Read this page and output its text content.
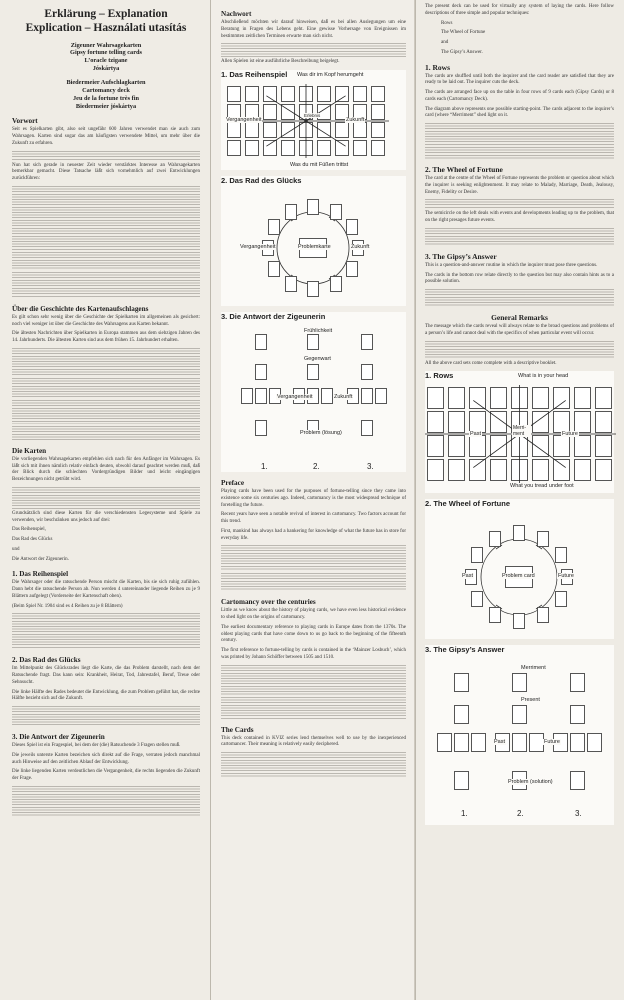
Erklärung – Explanation
Explication – Használati utasítás
Zigeuner Wahrsagekarten
Gipsy fortune telling cards
L’oracle tzigane
Jóskártya
Biedermeier Aufschlagkarten
Cartomancy deck
Jeu de la fortune très fin
Biedermeier jóskártya
Vorwort

Seit es Spielkarten gibt, also seit ungefähr 600 Jahren verwendet man sie auch zum Wahrsagen. Karten sind sogar das am häufigsten verwendete Mittel, um mehr über die Zukunft zu erfahren.

Nun hat sich gerade in neuester Zeit wieder verstärktes Interesse an Wahrsagekarten bemerkbar gemacht. Diese Tatsache läßt sich vornehmlich auf zwei Entwicklungen zurückführen:

Über die Geschichte des Kartenaufschlagens

Es gilt schon sehr wenig über die Geschichte der Spielkarten im allgemeinen als gesichert: noch viel weniger ist über die Geschichte des Wahrsagens aus Karten bekannt.

Die ältesten Nachrichten über Spielkarten in Europa stammen aus dem siebzigen Jahren des 14. Jahrhunderts. Die ältesten Karten sind aus dem frühen 15. Jahrhundert erhalten.

Die Karten

Die vorliegenden Wahrsagekarten empfehlen sich nach für den Anfänger im Wahrsagen. Es läßt sich mit ihnen nämlich relativ einfach deuten, obwohl darauf geachtet werden muß, daß der Blick durch die schlechten Vordergründigen Bilder und leicht eingängigen Bezeichnungen nicht getrübt wird.

Grundsätzlich sind diese Karten für die verschiedensten Legesysteme und Spiele zu verwenden, wir beschränken uns jedoch auf drei:

Das Reihenspiel,

Das Rad des Glücks

und

Die Antwort der Zigeunerin.

1. Das Reihenspiel

Die Wahrsager oder die ratsuchende Person mischt die Karten, bis sie sich ruhig zufühlen. Dann hebt die ratsuchende Person ab. Nun werden 4 untereinander liegende Reihen zu je 9 Blättern aufgelegt (Vorderseite der Kartenschaft oben).

(Beim Spiel Nr. 1904 sind es 4 Reihen zu je 8 Blättern)

2. Das Rad des Glücks

Im Mittelpunkt des Glücksrades liegt die Karte, die das Problem darstellt, nach dem der Ratsuchende fragt. Das kann sein: Krankheit, Heirat, Tod, Jahrestafel, Beruf, Treue oder Sehnsucht.

Die linke Hälfte des Rades bedeutet die Entwicklung, die zum Problem geführt hat, die rechte Hälfte bezieht sich auf die Zukunft.

3. Die Antwort der Zigeunerin

Dieses Spiel ist ein Fragespiel, bei dem der (die) Ratsuchende 3 Fragen stellen muß.

Die jeweils unterste Karten bezeichen sich direkt auf die Frage, verraten jedoch manchmal auch Hinweise auf den zeitlichen Ablauf der Entwicklung.

Die linke liegenden Karten verdeutlichen die Vergangenheit, die rechts liegenden die Zukunft der Frage.

Nachwort

Abschließend möchten wir darauf hinweisen, daß es bei allen Auslegungen um eine Beratung in Fragen des Lebens geht. Eine gewisse Vorhersage von Ereignissen im bestimmten zeitlichen Terminen erwarte man sich nicht.

Allen Spielen ist eine ausführliche Beschreibung beigelegt.

1. Das Reihenspiel Was dir im Kopf herumgeht
Vergangenheit
Erlebnis
Zukunft
Was du mit Füßen trittst
2. Das Rad des Glücks
Vergangenheit	Problemkarte	Zukunft
3. Die Antwort der Zigeunerin
Frühlichkeit
Gegenwart
Vergangenheit	Zukunft
Problem (lösung)
1.	2.	3.
Preface

Playing cards have been used for the purposes of fortune-telling since they came into existence some six centuries ago. Indeed, cartomancy is the most widespread technique of foretelling the future.

Recent years have seen a notable revival of interest in cartomancy. Two factors account for this trend.

First, mankind has always had a hankering for knowledge of what the future has in store for everyday life.

Cartomancy over the centuries

Little as we know about the history of playing cards, we have even less historical evidence to shed light on the origins of cartomancy.

The earliest documentary reference to playing cards in Europe dates from the 1370s. The oldest playing cards that have come down to us go back to the beginning of the fifteenth century.

The first reference to fortune-telling by cards is contained in the ‘Mainzer Losbuch’, which was printed by Johann Schöffer between 1505 and 1510.

The Cards

This deck contained in KVIZ series lend themselves well to use by the inexperienced cartomancer. Their meaning is relatively easily deciphered.

The present deck can be used for virtually any system of laying the cards. Here follow descriptions of three simple and popular techniques:

Rows

The Wheel of Fortune

and

The Gipsy’s Answer.

1. Rows

The cards are shuffled until both the inquirer and the card reader are satisfied that they are ready to be laid out. The inquirer cuts the deck.

The cards are arranged face up on the table in four rows of 9 cards each (Gipsy Cards) or 8 cards each (Cartomancy Deck).

The diagram above represents one possible starting-point. The cards adjacent to the inquirer’s card (where “Merriment” shed light on it.

2. The Wheel of Fortune

The card at the centre of the Wheel of Fortune represents the problem or question about which the inquirer is seeking enlightenment. It may relate to Malady, Marriage, Death, Jealousy, Enemy, Fidelity or Desire.

The semicircle on the left deals with events and developments leading up to the problem, that on the right presages future events.

3. The Gipsy’s Answer

This is a question-and-answer routine in which the inquirer must pose three questions.

The cards in the bottom row relate directly to the question but may also contain hints as to a possible solution.

General Remarks

The message which the cards reveal will always relate to the broad questions and problems of a person’s life and cannot deal with the specifics of when particular event will occur.

All the above card sets come complete with a descriptive booklet.

1. Rows	What is in your head
Past
Merri-ment	Future
What you tread under foot
2. The Wheel of Fortune
Past	Problem card	Future
3. The Gipsy’s Answer
Merriment
Present
Past	Future
Problem (solution)
1.	2.	3.
